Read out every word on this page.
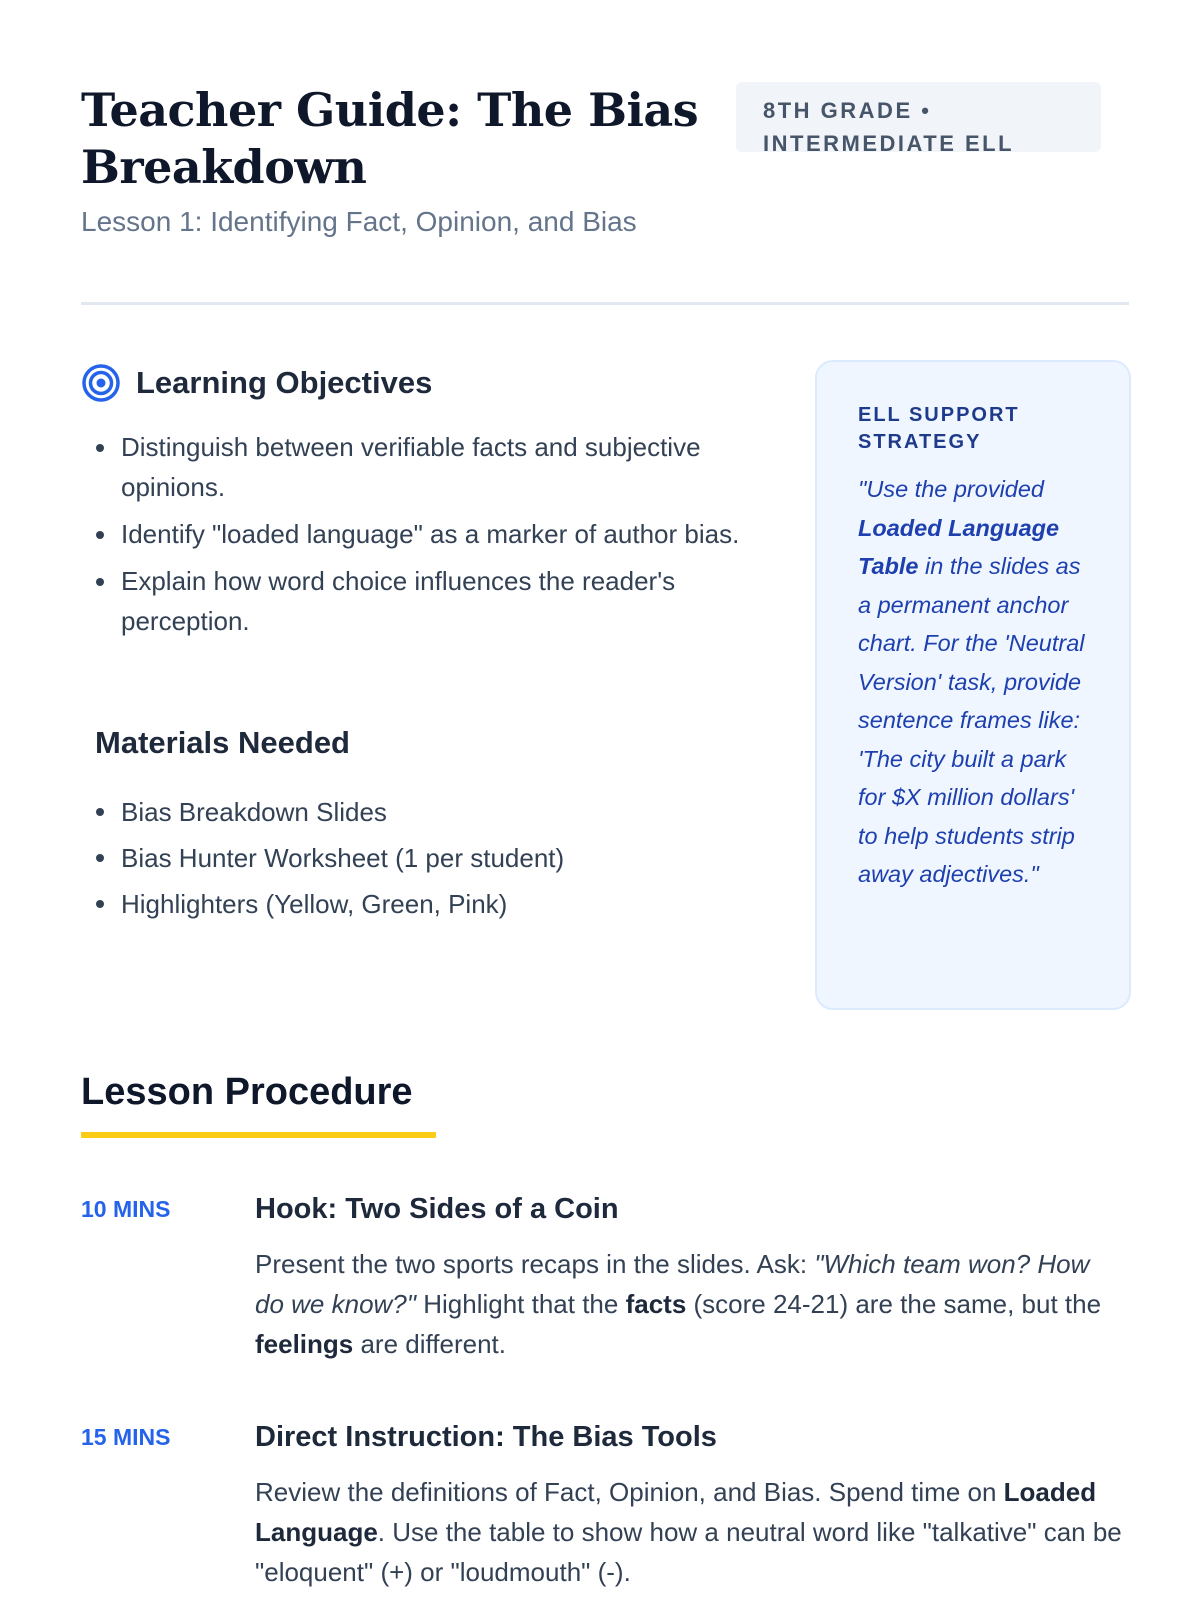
Teacher Guide: The Bias Breakdown
Lesson 1: Identifying Fact, Opinion, and Bias
8TH GRADE • INTERMEDIATE ELL
Learning Objectives
Distinguish between verifiable facts and subjective opinions.
Identify "loaded language" as a marker of author bias.
Explain how word choice influences the reader's perception.
Materials Needed
Bias Breakdown Slides
Bias Hunter Worksheet (1 per student)
Highlighters (Yellow, Green, Pink)
ELL SUPPORT STRATEGY
"Use the provided Loaded Language Table in the slides as a permanent anchor chart. For the 'Neutral Version' task, provide sentence frames like: 'The city built a park for $X million dollars' to help students strip away adjectives."
Lesson Procedure
10 MINS	Hook: Two Sides of a Coin
Present the two sports recaps in the slides. Ask: "Which team won? How do we know?" Highlight that the facts (score 24-21) are the same, but the feelings are different.
15 MINS	Direct Instruction: The Bias Tools
Review the definitions of Fact, Opinion, and Bias. Spend time on Loaded Language. Use the table to show how a neutral word like "talkative" can be "eloquent" (+) or "loudmouth" (-).
